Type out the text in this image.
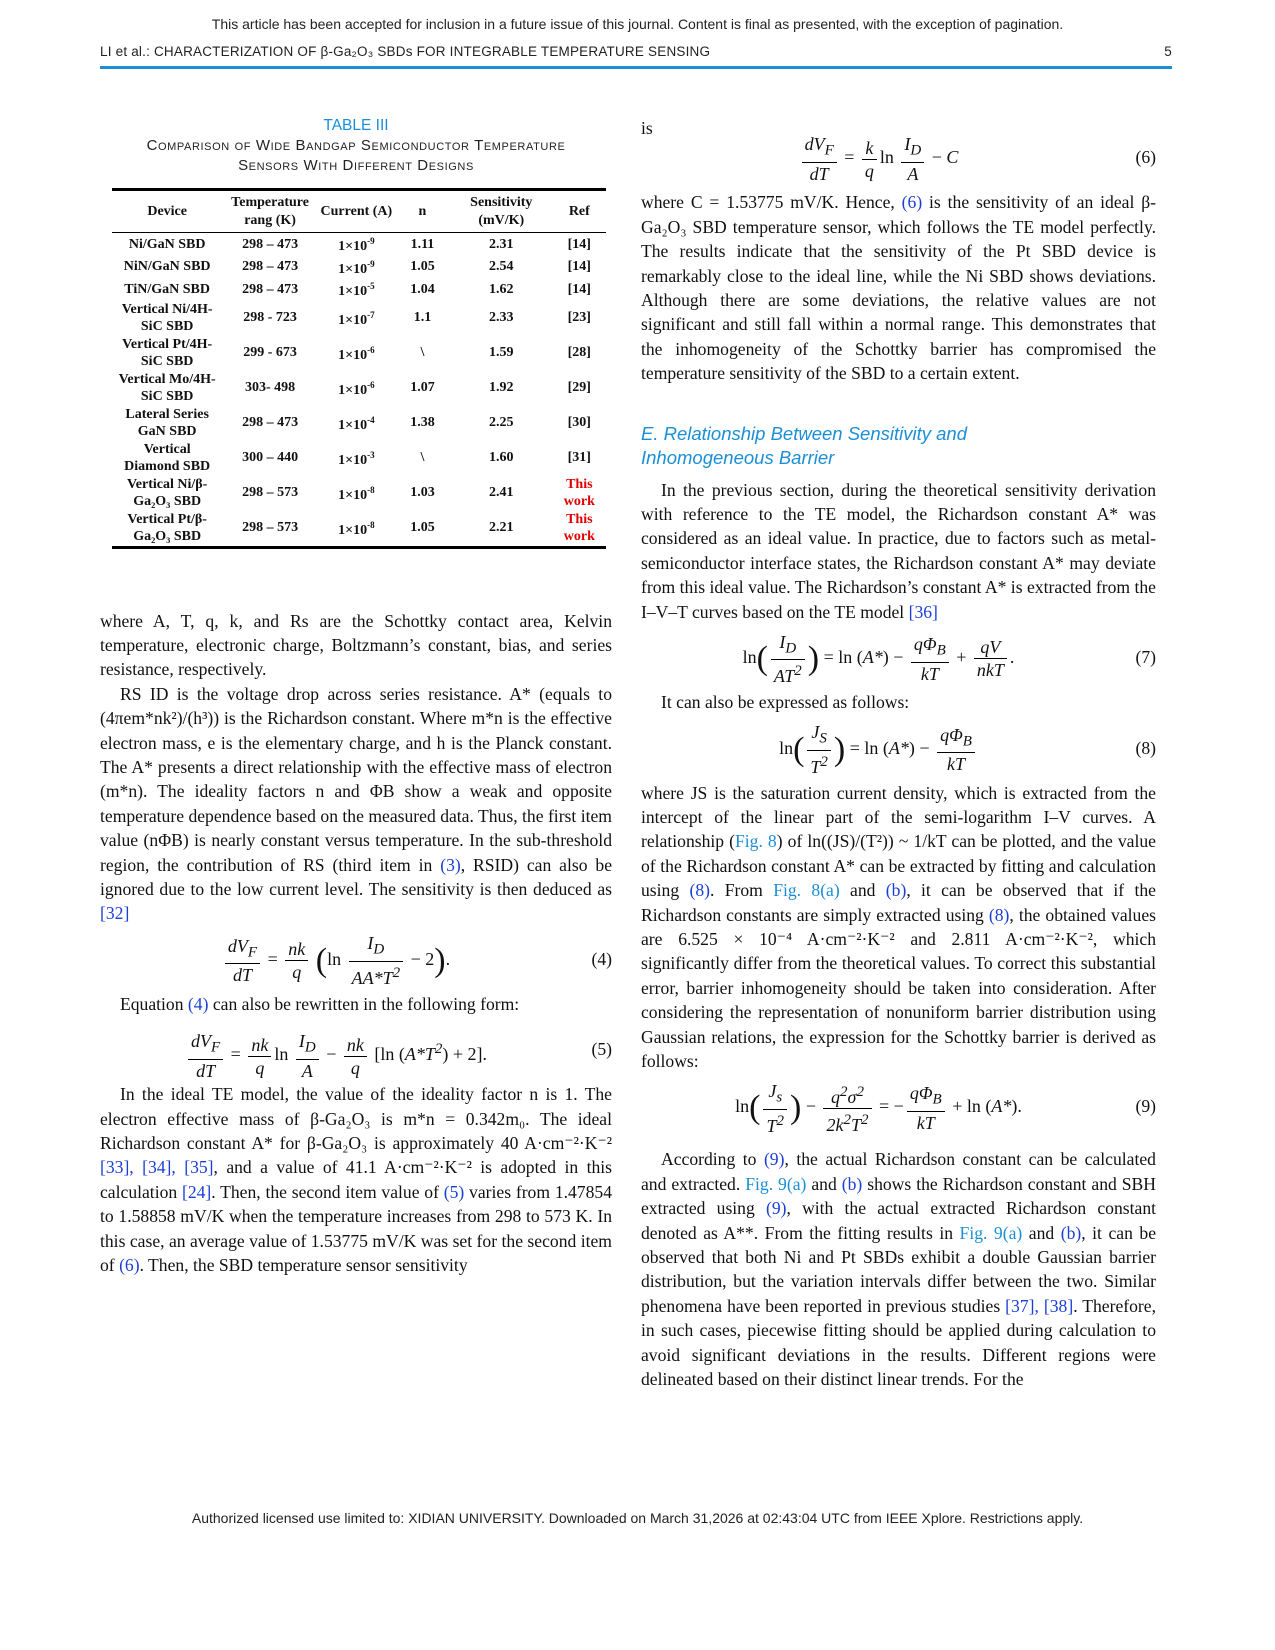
This article has been accepted for inclusion in a future issue of this journal. Content is final as presented, with the exception of pagination.
LI et al.: CHARACTERIZATION OF β-Ga₂O₃ SBDs FOR INTEGRABLE TEMPERATURE SENSING	5
TABLE III
Comparison of Wide Bandgap Semiconductor Temperature
Sensors With Different Designs
Device	Temperature rang (K)	Current (A)	n	Sensitivity (mV/K)	Ref
Ni/GaN SBD	298 – 473	$1\times 10^{-9}$	1.11	2.31	[14]
NiN/GaN SBD	298 – 473	$1\times 10^{-9}$	1.05	2.54	[14]
TiN/GaN SBD	298 – 473	$1\times 10^{-5}$	1.04	1.62	[14]
Vertical Ni/4H-SiC SBD	298 - 723	$1\times 10^{-7}$	1.1	2.33	[23]
Vertical Pt/4H-SiC SBD	299 - 673	$1\times 10^{-6}$	\	1.59	[28]
Vertical Mo/4H-SiC SBD	303- 498	$1\times 10^{-6}$	1.07	1.92	[29]
Lateral Series GaN SBD	298 – 473	$1\times 10^{-4}$	1.38	2.25	[30]
Vertical Diamond SBD	300 – 440	$1\times 10^{-3}$	\	1.60	[31]
Vertical Ni/β-Ga₂O₃ SBD	298 – 573	$1\times 10^{-8}$	1.03	2.41	This work
Vertical Pt/β-Ga₂O₃ SBD	298 – 573	$1\times 10^{-8}$	1.05	2.21	This work

where A, T, q, k, and Rs are the Schottky contact area, Kelvin temperature, electronic charge, Boltzmann’s constant, bias, and series resistance, respectively.

RS ID is the voltage drop across series resistance. A* (equals to (4πem*nk²)/(h³)) is the Richardson constant. Where m*n is the effective electron mass, e is the elementary charge, and h is the Planck constant. The A* presents a direct relationship with the effective mass of electron (m*n). The ideality factors n and ΦB show a weak and opposite temperature dependence based on the measured data. Thus, the first item value (nΦB) is nearly constant versus temperature. In the sub-threshold region, the contribution of RS (third item in (3), RSID) can also be ignored due to the low current level. The sensitivity is then deduced as [32]

$\frac{dV_F}{dT} = \frac{nk}{q} (\ln \frac{I_D}{AA*T^2} - 2)$.	(4)

Equation (4) can also be rewritten in the following form:

$\frac{dV_F}{dT} = \frac{nk}{q}$ $\ln \frac{I_D}{A} - \frac{nk}{q} [\ln$ $(A*T^2) + 2$].	(5)

In the ideal TE model, the value of the ideality factor n is 1. The electron effective mass of β-Ga₂O₃ is m*n = 0.342m₀. The ideal Richardson constant A* for β-Ga₂O₃ is approximately 40 A·cm⁻²·K⁻² [33], [34], [35], and a value of 41.1 A·cm⁻²·K⁻² is adopted in this calculation [24]. Then, the second item value of (5) varies from 1.47854 to 1.58858 mV/K when the temperature increases from 298 to 573 K. In this case, an average value of 1.53775 mV/K was set for the second item of (6). Then, the SBD temperature sensor sensitivity

is

$\frac{dV_F}{dT} = \frac{k}{q}$ $\ln \frac{I_D}{A} - C$	(6)

where C = 1.53775 mV/K. Hence, (6) is the sensitivity of an ideal β-Ga₂O₃ SBD temperature sensor, which follows the TE model perfectly. The results indicate that the sensitivity of the Pt SBD device is remarkably close to the ideal line, while the Ni SBD shows deviations. Although there are some deviations, the relative values are not significant and still fall within a normal range. This demonstrates that the inhomogeneity of the Schottky barrier has compromised the temperature sensitivity of the SBD to a certain extent.

E. Relationship Between Sensitivity and
Inhomogeneous Barrier

In the previous section, during the theoretical sensitivity derivation with reference to the TE model, the Richardson constant A* was considered as an ideal value. In practice, due to factors such as metal-semiconductor interface states, the Richardson constant A* may deviate from this ideal value. The Richardson’s constant A* is extracted from the I–V–T curves based on the TE model [36]

$\ln( \frac{I_D}{AT^2}$ ) = $\ln (A*) - \frac{q\Phi_B}{kT} + \frac{qV}{\text{nkT}}$ .	(7)

It can also be expressed as follows:

$\ln( \frac{J_S}{T^2}$ ) = $\ln (A*) - \frac{q\Phi_B}{kT}$	(8)

where JS is the saturation current density, which is extracted from the intercept of the linear part of the semi-logarithm I–V curves. A relationship (Fig. 8) of ln((JS)/(T²)) ~ 1/kT can be plotted, and the value of the Richardson constant A* can be extracted by fitting and calculation using (8). From Fig. 8(a) and (b), it can be observed that if the Richardson constants are simply extracted using (8), the obtained values are 6.525 × 10⁻⁴ A·cm⁻²·K⁻² and 2.811 A·cm⁻²·K⁻², which significantly differ from the theoretical values. To correct this substantial error, barrier inhomogeneity should be taken into consideration. After considering the representation of nonuniform barrier distribution using Gaussian relations, the expression for the Schottky barrier is derived as follows:

$\ln( \frac{J_s}{T^2}$ ) − $\frac{q^2\sigma^2}{2k^2T^2}$ = − $\frac{q\Phi_B}{kT} + \ln (A*)$.	(9)

According to (9), the actual Richardson constant can be calculated and extracted. Fig. 9(a) and (b) shows the Richardson constant and SBH extracted using (9), with the actual extracted Richardson constant denoted as A**. From the fitting results in Fig. 9(a) and (b), it can be observed that both Ni and Pt SBDs exhibit a double Gaussian barrier distribution, but the variation intervals differ between the two. Similar phenomena have been reported in previous studies [37], [38]. Therefore, in such cases, piecewise fitting should be applied during calculation to avoid significant deviations in the results. Different regions were delineated based on their distinct linear trends. For the

Authorized licensed use limited to: XIDIAN UNIVERSITY. Downloaded on March 31,2026 at 02:43:04 UTC from IEEE Xplore. Restrictions apply.
